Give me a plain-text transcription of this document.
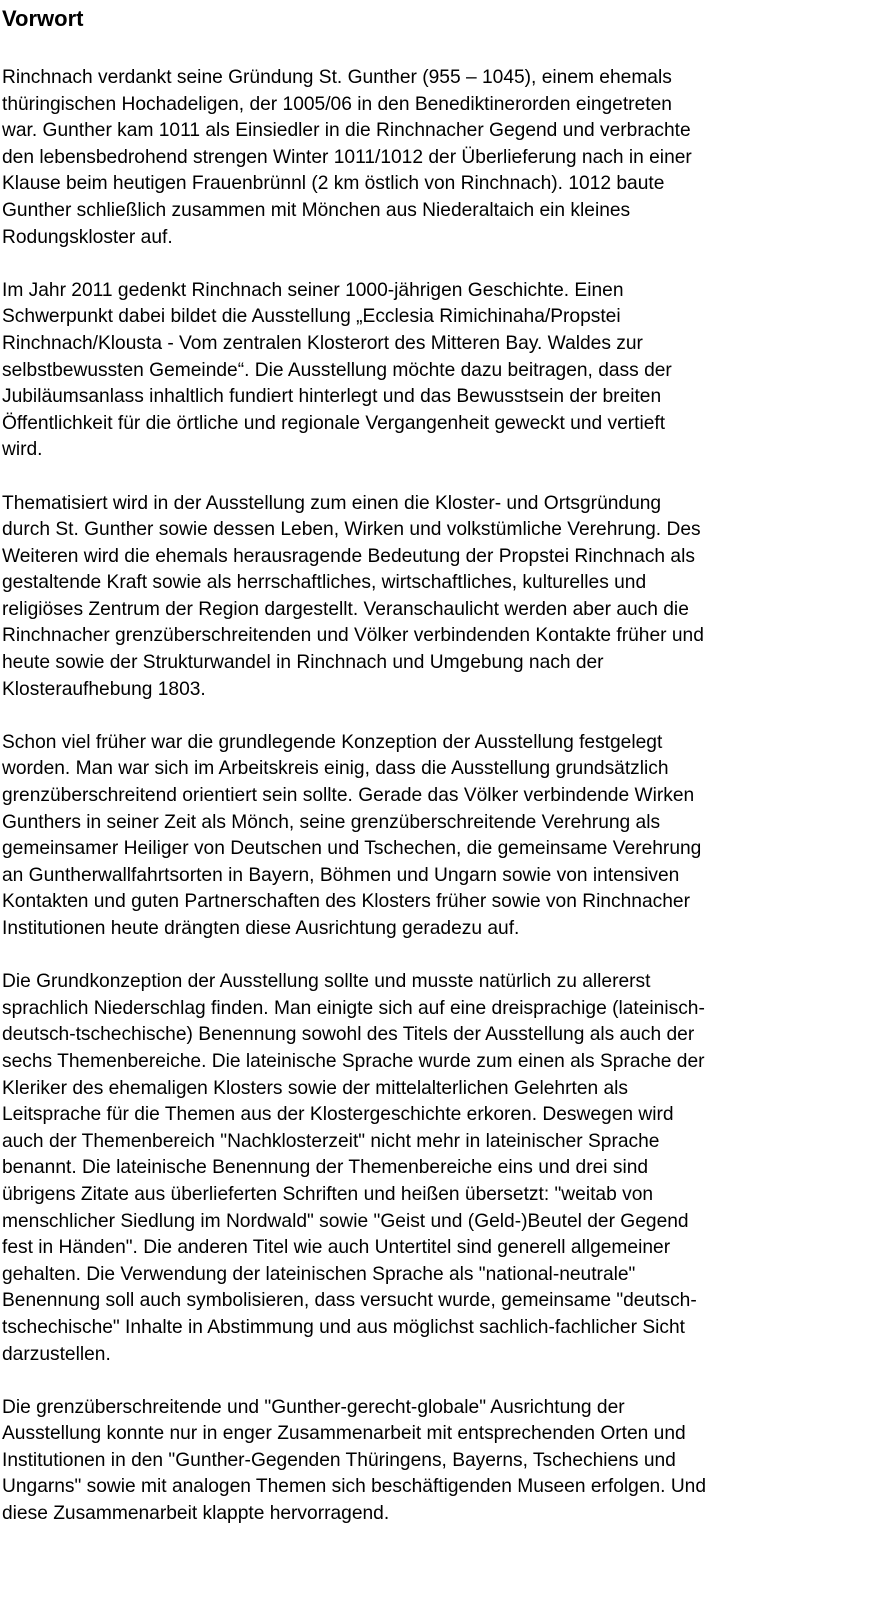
Vorwort

Rinchnach verdankt seine Gründung St. Gunther (955 – 1045), einem ehemals
thüringischen Hochadeligen, der 1005/06 in den Benediktinerorden eingetreten
war. Gunther kam 1011 als Einsiedler in die Rinchnacher Gegend und verbrachte
den lebensbedrohend strengen Winter 1011/1012 der Überlieferung nach in einer
Klause beim heutigen Frauenbrünnl (2 km östlich von Rinchnach). 1012 baute
Gunther schließlich zusammen mit Mönchen aus Niederaltaich ein kleines
Rodungskloster auf.

Im Jahr 2011 gedenkt Rinchnach seiner 1000-jährigen Geschichte. Einen
Schwerpunkt dabei bildet die Ausstellung „Ecclesia Rimichinaha/Propstei
Rinchnach/Klousta - Vom zentralen Klosterort des Mitteren Bay. Waldes zur
selbstbewussten Gemeinde“. Die Ausstellung möchte dazu beitragen, dass der
Jubiläumsanlass inhaltlich fundiert hinterlegt und das Bewusstsein der breiten
Öffentlichkeit für die örtliche und regionale Vergangenheit geweckt und vertieft
wird.

Thematisiert wird in der Ausstellung zum einen die Kloster- und Ortsgründung
durch St. Gunther sowie dessen Leben, Wirken und volkstümliche Verehrung. Des
Weiteren wird die ehemals herausragende Bedeutung der Propstei Rinchnach als
gestaltende Kraft sowie als herrschaftliches, wirtschaftliches, kulturelles und
religiöses Zentrum der Region dargestellt. Veranschaulicht werden aber auch die
Rinchnacher grenzüberschreitenden und Völker verbindenden Kontakte früher und
heute sowie der Strukturwandel in Rinchnach und Umgebung nach der
Klosteraufhebung 1803.

Schon viel früher war die grundlegende Konzeption der Ausstellung festgelegt
worden. Man war sich im Arbeitskreis einig, dass die Ausstellung grundsätzlich
grenzüberschreitend orientiert sein sollte. Gerade das Völker verbindende Wirken
Gunthers in seiner Zeit als Mönch, seine grenzüberschreitende Verehrung als
gemeinsamer Heiliger von Deutschen und Tschechen, die gemeinsame Verehrung
an Guntherwallfahrtsorten in Bayern, Böhmen und Ungarn sowie von intensiven
Kontakten und guten Partnerschaften des Klosters früher sowie von Rinchnacher
Institutionen heute drängten diese Ausrichtung geradezu auf.

Die Grundkonzeption der Ausstellung sollte und musste natürlich zu allererst
sprachlich Niederschlag finden. Man einigte sich auf eine dreisprachige (lateinisch-
deutsch-tschechische) Benennung sowohl des Titels der Ausstellung als auch der
sechs Themenbereiche. Die lateinische Sprache wurde zum einen als Sprache der
Kleriker des ehemaligen Klosters sowie der mittelalterlichen Gelehrten als
Leitsprache für die Themen aus der Klostergeschichte erkoren. Deswegen wird
auch der Themenbereich "Nachklosterzeit" nicht mehr in lateinischer Sprache
benannt. Die lateinische Benennung der Themenbereiche eins und drei sind
übrigens Zitate aus überlieferten Schriften und heißen übersetzt: "weitab von
menschlicher Siedlung im Nordwald" sowie "Geist und (Geld-)Beutel der Gegend
fest in Händen". Die anderen Titel wie auch Untertitel sind generell allgemeiner
gehalten. Die Verwendung der lateinischen Sprache als "national-neutrale"
Benennung soll auch symbolisieren, dass versucht wurde, gemeinsame "deutsch-
tschechische" Inhalte in Abstimmung und aus möglichst sachlich-fachlicher Sicht
darzustellen.

Die grenzüberschreitende und "Gunther-gerecht-globale" Ausrichtung der
Ausstellung konnte nur in enger Zusammenarbeit mit entsprechenden Orten und
Institutionen in den "Gunther-Gegenden Thüringens, Bayerns, Tschechiens und
Ungarns" sowie mit analogen Themen sich beschäftigenden Museen erfolgen. Und
diese Zusammenarbeit klappte hervorragend.
